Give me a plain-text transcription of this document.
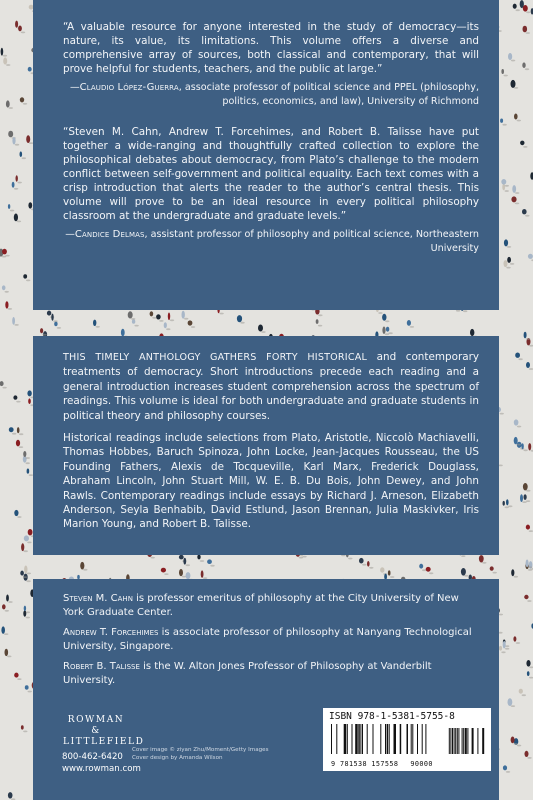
“A valuable resource for anyone interested in the study of democracy—its nature, its value, its limitations. This volume offers a diverse and comprehensive array of sources, both classical and contemporary, that will prove helpful for students, teachers, and the public at large.”

—Claudio López-Guerra, associate professor of political science and PPEL (philosophy, politics, economics, and law), University of Richmond

“Steven M. Cahn, Andrew T. Forcehimes, and Robert B. Talisse have put together a wide-ranging and thoughtfully crafted collection to explore the philosophical debates about democracy, from Plato’s challenge to the modern conflict between self-government and political equality. Each text comes with a crisp introduction that alerts the reader to the author’s central thesis. This volume will prove to be an ideal resource in every political philosophy classroom at the undergraduate and graduate levels.”

—Candice Delmas, assistant professor of philosophy and political science, Northeastern University

THIS TIMELY ANTHOLOGY GATHERS FORTY HISTORICAL and contemporary treatments of democracy. Short introductions precede each reading and a general introduction increases student comprehension across the spectrum of readings. This volume is ideal for both undergraduate and graduate students in political theory and philosophy courses.

Historical readings include selections from Plato, Aristotle, Niccolò Machiavelli, Thomas Hobbes, Baruch Spinoza, John Locke, Jean-Jacques Rousseau, the US Founding Fathers, Alexis de Tocqueville, Karl Marx, Frederick Douglass, Abraham Lincoln, John Stuart Mill, W. E. B. Du Bois, John Dewey, and John Rawls. Contemporary readings include essays by Richard J. Arneson, Elizabeth Anderson, Seyla Benhabib, David Estlund, Jason Brennan, Julia Maskivker, Iris Marion Young, and Robert B. Talisse.

Steven M. Cahn is professor emeritus of philosophy at the City University of New York Graduate Center.

Andrew T. Forcehimes is associate professor of philosophy at Nanyang Technological University, Singapore.

Robert B. Talisse is the W. Alton Jones Professor of Philosophy at Vanderbilt University.

ROWMAN &
LITTLEFIELD
800-462-6420
www.rowman.com
Cover image © ziyan Zhu/Moment/Getty Images
Cover design by Amanda Wilson
ISBN 978-1-5381-5755-8
9 781538 157558 90000
